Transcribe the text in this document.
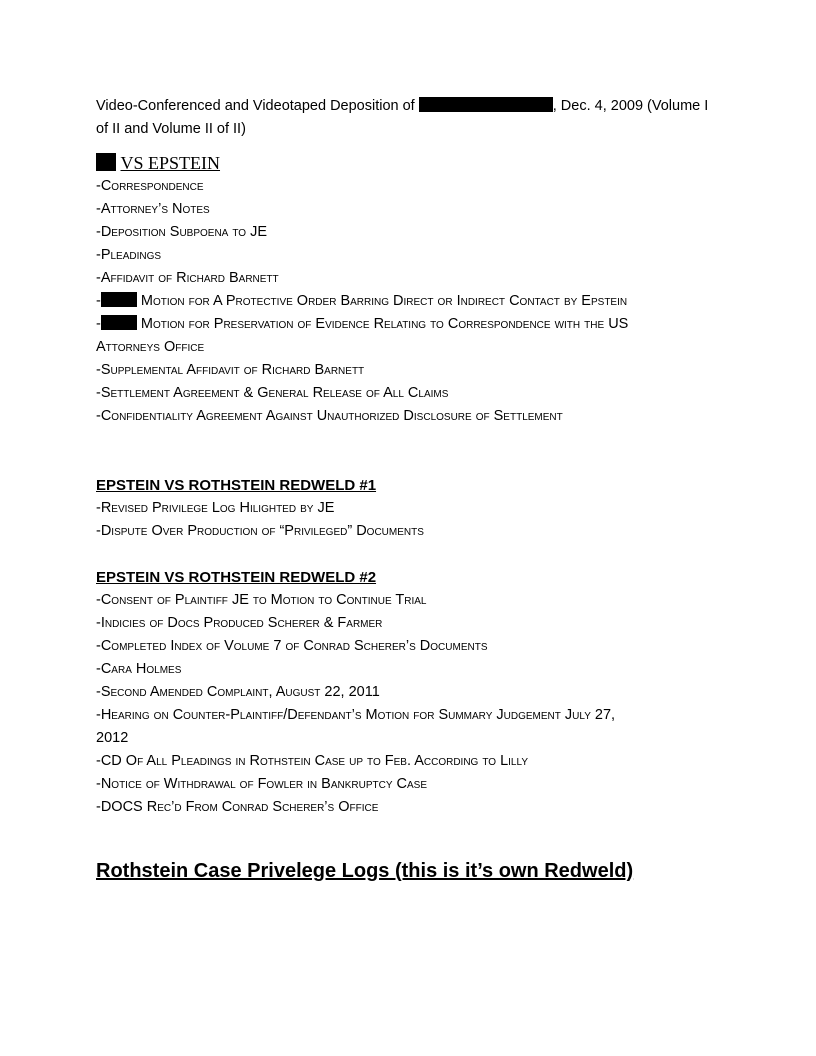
Video-Conferenced and Videotaped Deposition of	, Dec. 4, 2009 (Volume I
of II and Volume II of II)
VS EPSTEIN
-Correspondence
-Attorney’s Notes
-Deposition Subpoena to JE
-Pleadings
-Affidavit of Richard Barnett
-	Motion for A Protective Order Barring Direct or Indirect Contact by Epstein
-	Motion for Preservation of Evidence Relating to Correspondence with the US
Attorneys Office
-Supplemental Affidavit of Richard Barnett
-Settlement Agreement & General Release of All Claims
-Confidentiality Agreement Against Unauthorized Disclosure of Settlement
EPSTEIN VS ROTHSTEIN REDWELD #1
-Revised Privilege Log Hilighted by JE
-Dispute Over Production of “Privileged” Documents
EPSTEIN VS ROTHSTEIN REDWELD #2
-Consent of Plaintiff JE to Motion to Continue Trial
-Indicies of Docs Produced Scherer & Farmer
-Completed Index of Volume 7 of Conrad Scherer’s Documents
-Cara Holmes
-Second Amended Complaint, August 22, 2011
-Hearing on Counter-Plaintiff/Defendant’s Motion for Summary Judgement July 27,
2012
-CD Of All Pleadings in Rothstein Case up to Feb. According to Lilly
-Notice of Withdrawal of Fowler in Bankruptcy Case
-DOCS Rec’d From Conrad Scherer’s Office
Rothstein Case Privelege Logs (this is it’s own Redweld)
